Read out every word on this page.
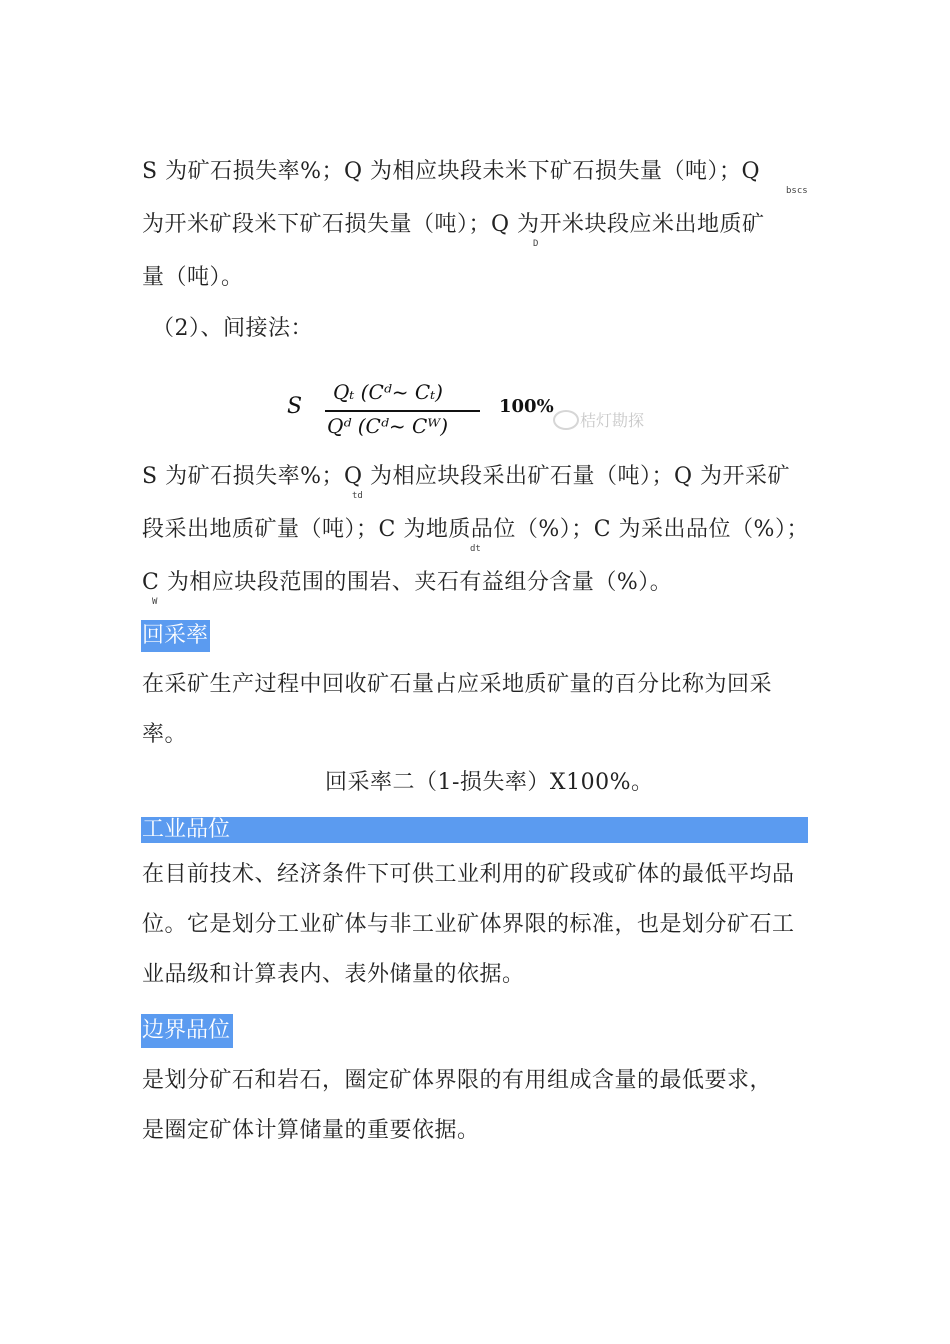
S 为矿石损失率%；Q 为相应块段未米下矿石损失量（吨）；Q
bscs
为开米矿段米下矿石损失量（吨）；Q 为开米块段应米出地质矿
D
量（吨）。
（2）、间接法：
S
Qₜ (Cᵈ~ Cₜ)
Qᵈ (Cᵈ~ Cᵂ)
100%
桔灯勘探
S 为矿石损失率%；Q 为相应块段采出矿石量（吨）；Q 为开采矿
td
段采出地质矿量（吨）；C 为地质品位（%）；C 为采出品位（%）；
dt
C 为相应块段范围的围岩、夹石有益组分含量（%）。
W
回采率
在采矿生产过程中回收矿石量占应采地质矿量的百分比称为回采
率。
回采率二（1-损失率）X100%。
工业品位
在目前技术、经济条件下可供工业利用的矿段或矿体的最低平均品
位。它是划分工业矿体与非工业矿体界限的标准，也是划分矿石工
业品级和计算表内、表外储量的依据。
边界品位
是划分矿石和岩石，圈定矿体界限的有用组成含量的最低要求，
是圈定矿体计算储量的重要依据。
